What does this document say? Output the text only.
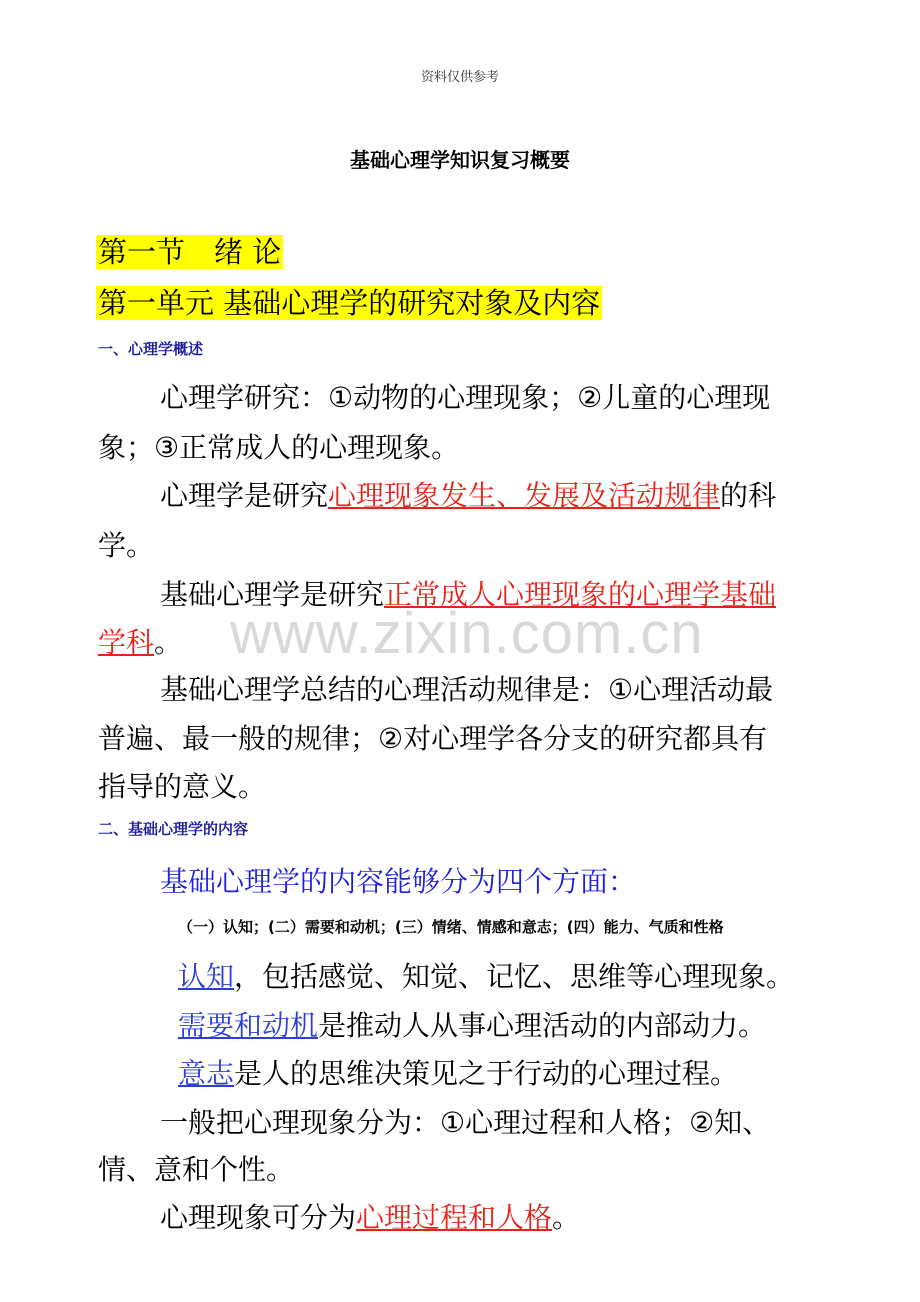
资料仅供参考
基础心理学知识复习概要
第一节　绪 论
第一单元 基础心理学的研究对象及内容
一、心理学概述
心理学研究：①动物的心理现象；②儿童的心理现
象；③正常成人的心理现象。
心理学是研究心理现象发生、发展及活动规律的科
学。
基础心理学是研究正常成人心理现象的心理学基础
学科。 www.zixin.com.cn
基础心理学总结的心理活动规律是：①心理活动最
普遍、最一般的规律；②对心理学各分支的研究都具有
指导的意义。
二、基础心理学的内容
基础心理学的内容能够分为四个方面：
（一）认知；(二）需要和动机；(三）情绪、情感和意志；(四）能力、气质和性格
认知，包括感觉、知觉、记忆、思维等心理现象。
需要和动机是推动人从事心理活动的内部动力。
意志是人的思维决策见之于行动的心理过程。
一般把心理现象分为：①心理过程和人格；②知、
情、意和个性。
心理现象可分为心理过程和人格。
